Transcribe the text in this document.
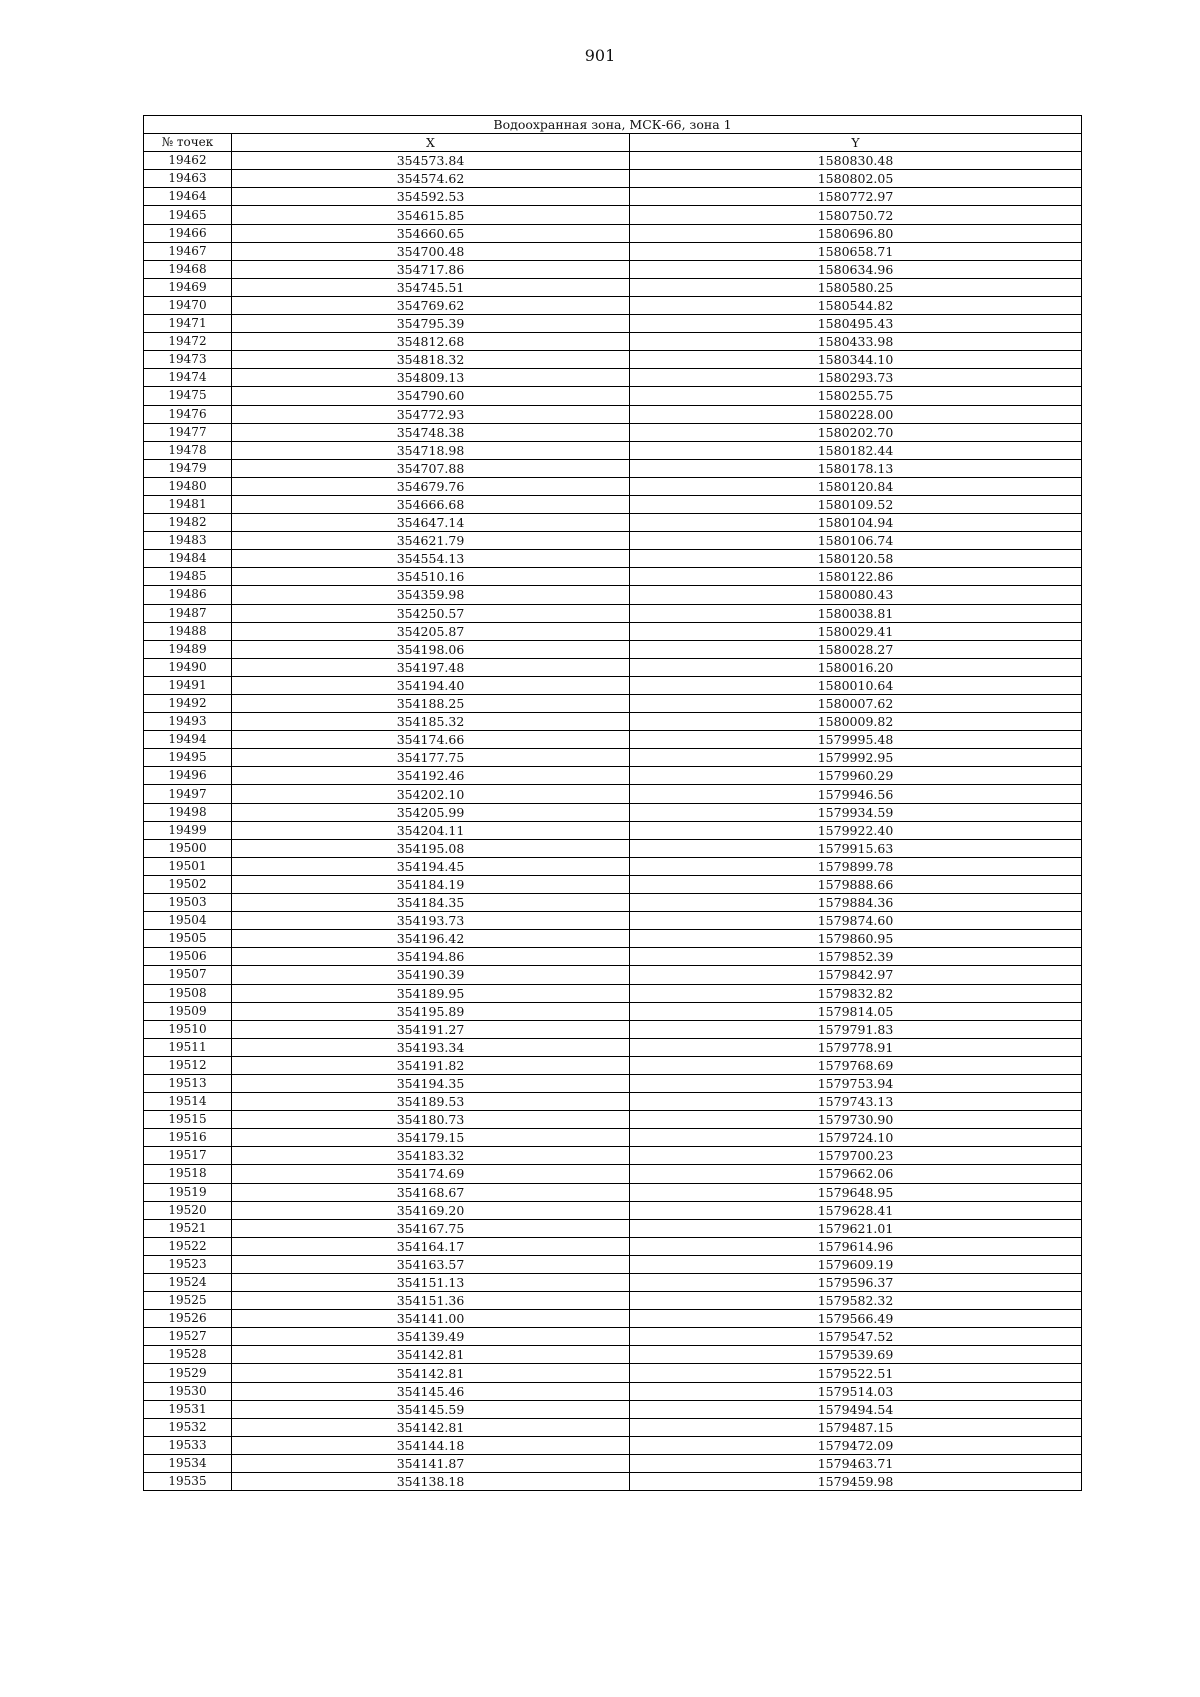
901
Водоохранная зона, МСК-66, зона 1		
№ точек	X	Y
19462	354573.84	1580830.48
19463	354574.62	1580802.05
19464	354592.53	1580772.97
19465	354615.85	1580750.72
19466	354660.65	1580696.80
19467	354700.48	1580658.71
19468	354717.86	1580634.96
19469	354745.51	1580580.25
19470	354769.62	1580544.82
19471	354795.39	1580495.43
19472	354812.68	1580433.98
19473	354818.32	1580344.10
19474	354809.13	1580293.73
19475	354790.60	1580255.75
19476	354772.93	1580228.00
19477	354748.38	1580202.70
19478	354718.98	1580182.44
19479	354707.88	1580178.13
19480	354679.76	1580120.84
19481	354666.68	1580109.52
19482	354647.14	1580104.94
19483	354621.79	1580106.74
19484	354554.13	1580120.58
19485	354510.16	1580122.86
19486	354359.98	1580080.43
19487	354250.57	1580038.81
19488	354205.87	1580029.41
19489	354198.06	1580028.27
19490	354197.48	1580016.20
19491	354194.40	1580010.64
19492	354188.25	1580007.62
19493	354185.32	1580009.82
19494	354174.66	1579995.48
19495	354177.75	1579992.95
19496	354192.46	1579960.29
19497	354202.10	1579946.56
19498	354205.99	1579934.59
19499	354204.11	1579922.40
19500	354195.08	1579915.63
19501	354194.45	1579899.78
19502	354184.19	1579888.66
19503	354184.35	1579884.36
19504	354193.73	1579874.60
19505	354196.42	1579860.95
19506	354194.86	1579852.39
19507	354190.39	1579842.97
19508	354189.95	1579832.82
19509	354195.89	1579814.05
19510	354191.27	1579791.83
19511	354193.34	1579778.91
19512	354191.82	1579768.69
19513	354194.35	1579753.94
19514	354189.53	1579743.13
19515	354180.73	1579730.90
19516	354179.15	1579724.10
19517	354183.32	1579700.23
19518	354174.69	1579662.06
19519	354168.67	1579648.95
19520	354169.20	1579628.41
19521	354167.75	1579621.01
19522	354164.17	1579614.96
19523	354163.57	1579609.19
19524	354151.13	1579596.37
19525	354151.36	1579582.32
19526	354141.00	1579566.49
19527	354139.49	1579547.52
19528	354142.81	1579539.69
19529	354142.81	1579522.51
19530	354145.46	1579514.03
19531	354145.59	1579494.54
19532	354142.81	1579487.15
19533	354144.18	1579472.09
19534	354141.87	1579463.71
19535	354138.18	1579459.98
